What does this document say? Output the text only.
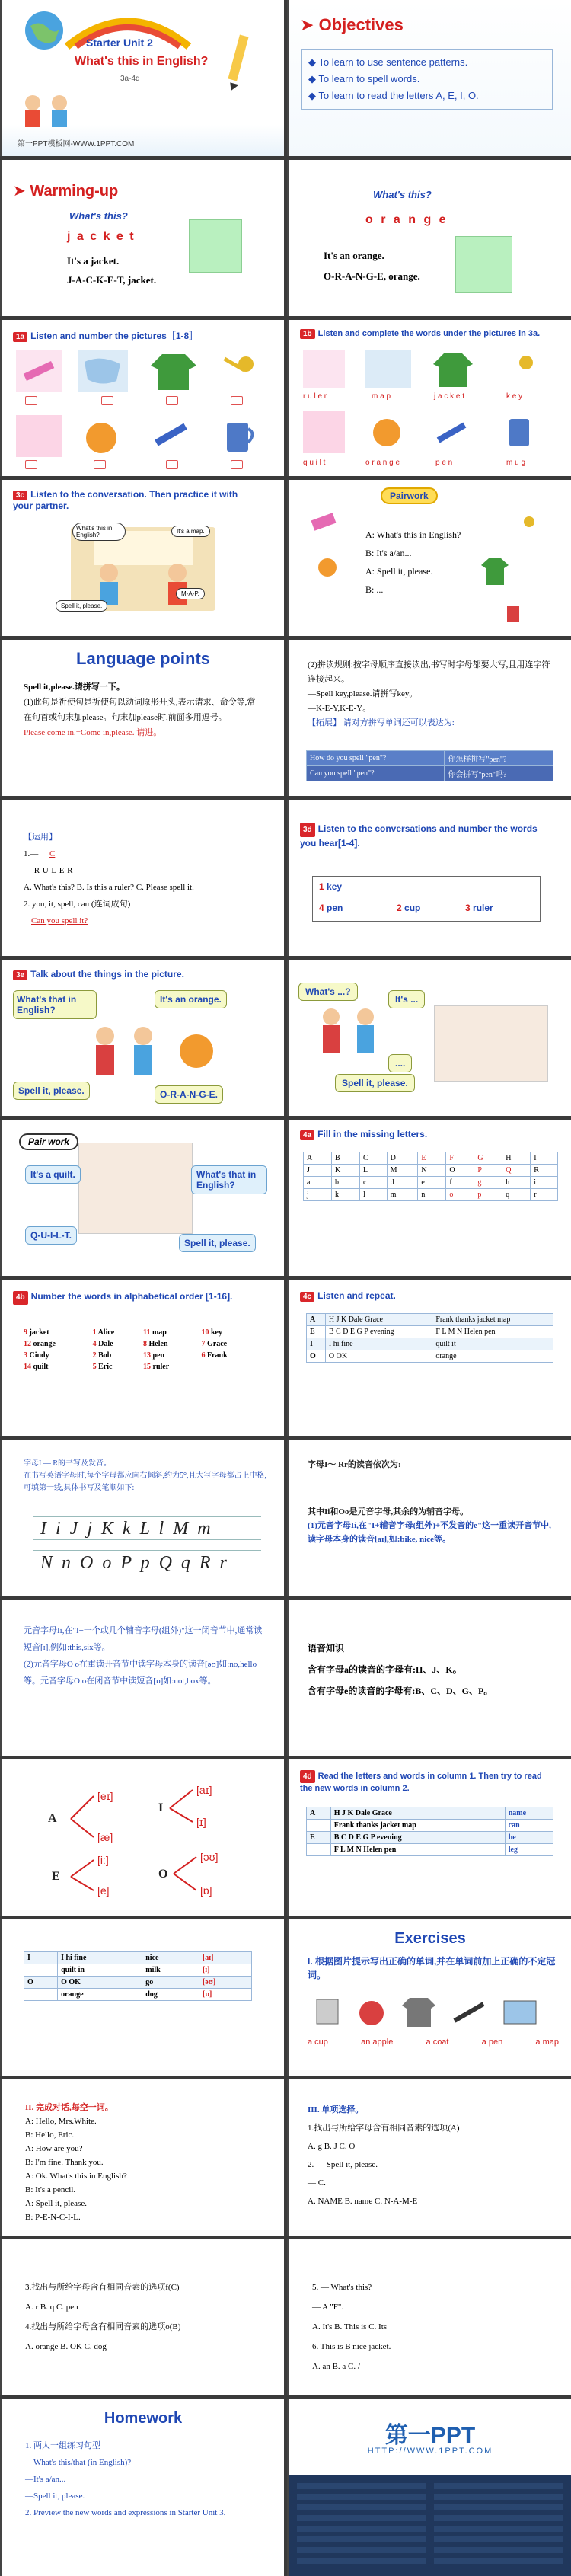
Starter Unit 2
What's this in English?
3a-4d
第一PPT模板网-WWW.1PPT.COM
➤ Objectives
◆ To learn to use sentence patterns.
◆ To learn to spell words.
◆ To learn to read the letters A, E, I, O.
➤ Warming-up
What's this?
j a c k e t
It's a jacket.
J-A-C-K-E-T, jacket.
What's this?
o r a n g e
It's an orange.
O-R-A-N-G-E, orange.
1a Listen and number the pictures［1-8］	1b Listen and complete the words under the pictures in 3a.
r u l e r	m a p	j a c k e t	k e y
q u i l t	o r a n g e	p e n	m u g
3c Listen to the conversation. Then practice it with your partner.
What's this in English?
It's a map.
Spell it, please.
M-A-P.
Pairwork
A: What's this in English?
B: It's a/an...
A: Spell it, please.
B: ...
Language points
Spell it,please.请拼写一下。
(1)此句是祈使句是祈使句以动词原形开头,表示请求、命令等,常在句首或句末加please。句末加please时,前面多用逗号。
Please come in.=Come in,please. 请进。
(2)拼读规则:按字母顺序直接读出,书写时字母都要大写,且用连字符连接起来。
—Spell key,please.请拼写key。
—K-E-Y,K-E-Y。
【拓展】 请对方拼写单词还可以表达为:
How do you spell "pen"?	你怎样拼写"pen"?
Can you spell "pen"?	你会拼写"pen"吗?
【运用】
1.— C
— R-U-L-E-R
A. What's this? B. Is this a ruler? C. Please spell it.
2. you, it, spell, can (连词成句)
Can you spell it?
3d Listen to the conversations and number the words you hear[1-4].
1 key
4 pen	2 cup	3 ruler
3e Talk about the things in the picture.
What's that in English?
It's an orange.
Spell it, please.	O-R-A-N-G-E.
What's ...?
It's ...
....
Spell it, please.
Pair work
It's a quilt.	What's that in English?
Q-U-I-L-T.
Spell it, please.
4a Fill in the missing letters.
A	B	C	D	E	F	G	H	I
J	K	L	M	N	O	P	Q	R
a	b	c	d	e	f	g	h	i
j	k	l	m	n	o	p	q	r
4b Number the words in alphabetical order [1-16].
9 jacket	1 Alice	11 map	10 key
12 orange	4 Dale	8 Helen	7 Grace
3 Cindy	2 Bob	13 pen	6 Frank
14 quilt	5 Eric	15 ruler	
4c Listen and repeat.
A	H J K Dale Grace	Frank thanks jacket map
E	B C D E G P evening	F L M N Helen pen
I	I hi fine	quilt it
O	O OK	orange
字母I — R的书写及发音。
在书写英语字母时,每个字母都应向右倾斜,约为5°,且大写字母都占上中格,可填第一线,具体书写及笔顺如下:
I i J j K k L l M m
N n O o P p Q q R r
字母I～ Rr的读音依次为:
其中Ii和Oo是元音字母,其余的为辅音字母。
(1)元音字母Ii,在"I+辅音字母(组外)+不发音的e"这一重读开音节中,读字母本身的读音[aɪ],如:bike, nice等。
元音字母Ii,在"I+一个或几个辅音字母(组外)"这一闭音节中,通常读短音[ɪ],例如:this,six等。
(2)元音字母O o在重读开音节中读字母本身的读音[əʊ]如:no,hello等。元音字母O o在闭音节中读短音[ɒ]如:not,box等。
语音知识
含有字母a的读音的字母有:H、J、K。
含有字母e的读音的字母有:B、C、D、G、P。
A
I
E	O
[eɪ]
[æ]
[aɪ]
[ɪ]
[iː]
[e]
[əʊ]
[ɒ]
4d Read the letters and words in column 1. Then try to read the new words in column 2.
A	H J K Dale Grace	name
	Frank thanks jacket map	can
E	B C D E G P evening	he
	F L M N Helen pen	leg
I	I hi fine	nice	[aɪ]
	quilt in	milk	[ɪ]
O	O OK	go	[əʊ]
	orange	dog	[ɒ]
Exercises
I. 根据图片提示写出正确的单词,并在单词前加上正确的不定冠词。
a cup	an apple	a coat	a pen	a map
II. 完成对话,每空一词。
A: Hello, Mrs.White.
B: Hello, Eric.
A: How are you?
B: I'm fine. Thank you.
A: Ok. What's this in English?
B: It's a pencil.
A: Spell it, please.
B: P-E-N-C-I-L.
III. 单项选择。
1.找出与所给字母含有相同音素的选项(A)
A. g B. J C. O
2. — Spell it, please.
— C.
A. NAME B. name C. N-A-M-E
3.找出与所给字母含有相同音素的选项f(C)
A. r B. q C. pen
4.找出与所给字母含有相同音素的选项o(B)
A. orange B. OK C. dog
5. — What's this?
— A "F".
A. It's B. This is C. Its
6. This is B nice jacket.
A. an B. a C. /
Homework
1. 两人一组练习句型
—What's this/that (in English)?
—It's a/an...
—Spell it, please.
2. Preview the new words and expressions in Starter Unit 3.
第一PPT
HTTP://WWW.1PPT.COM
